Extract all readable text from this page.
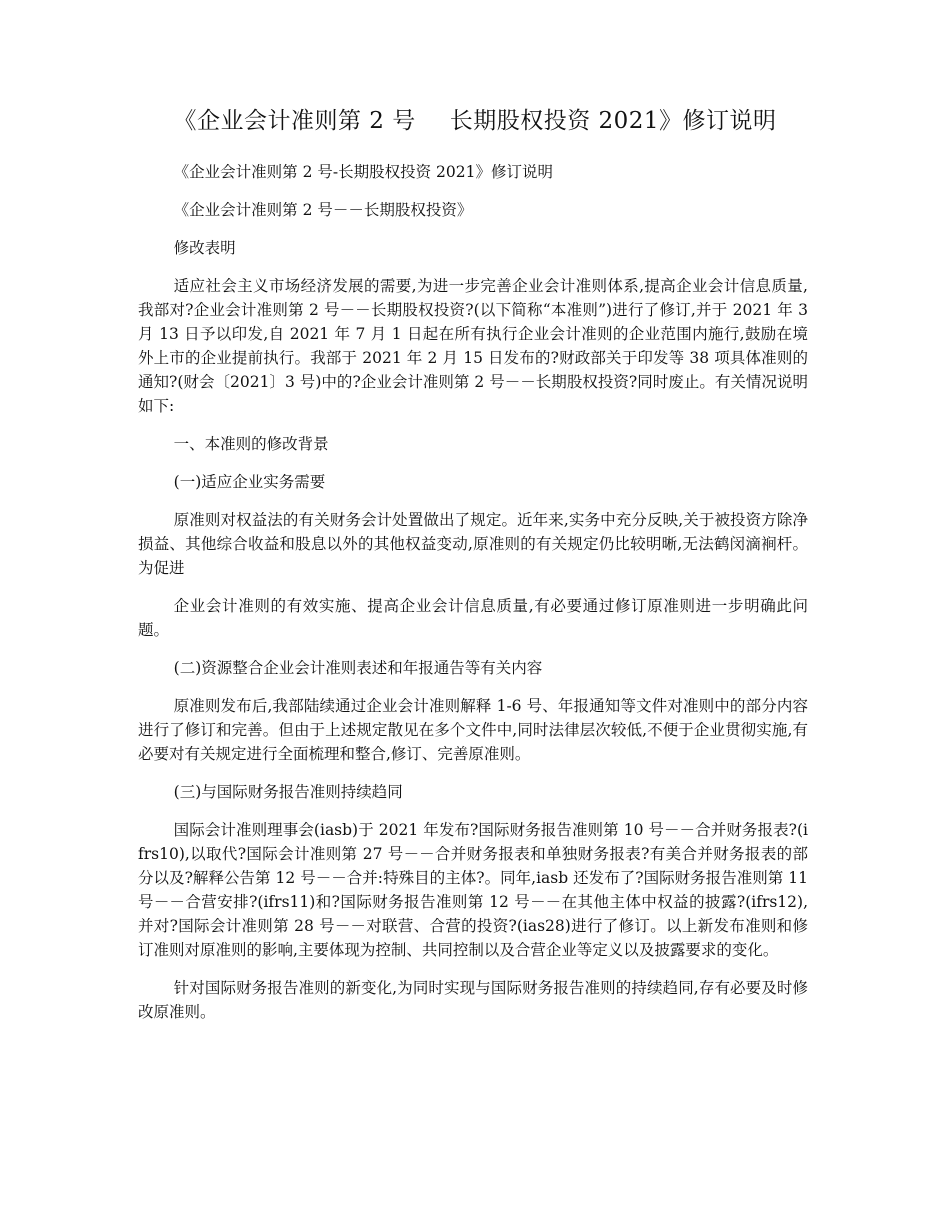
《企业会计准则第 2 号 长期股权投资 2021》修订说明

《企业会计准则第 2 号-长期股权投资 2021》修订说明

《企业会计准则第 2 号－－长期股权投资》

修改表明

适应社会主义市场经济发展的需要,为进一步完善企业会计准则体系,提高企业会计信息质量,我部对?企业会计准则第 2 号－－长期股权投资?(以下简称“本准则”)进行了修订,并于 2021 年 3 月 13 日予以印发,自 2021 年 7 月 1 日起在所有执行企业会计准则的企业范围内施行,鼓励在境外上市的企业提前执行。我部于 2021 年 2 月 15 日发布的?财政部关于印发等 38 项具体准则的通知?(财会〔2021〕3 号)中的?企业会计准则第 2 号－－长期股权投资?同时废止。有关情况说明如下:

一、本准则的修改背景

(一)适应企业实务需要

原准则对权益法的有关财务会计处置做出了规定。近年来,实务中充分反映,关于被投资方除净损益、其他综合收益和股息以外的其他权益变动,原准则的有关规定仍比较明晰,无法鹤闵滴裥杆。为促进

企业会计准则的有效实施、提高企业会计信息质量,有必要通过修订原准则进一步明确此问题。

(二)资源整合企业会计准则表述和年报通告等有关内容

原准则发布后,我部陆续通过企业会计准则解释 1-6 号、年报通知等文件对准则中的部分内容进行了修订和完善。但由于上述规定散见在多个文件中,同时法律层次较低,不便于企业贯彻实施,有必要对有关规定进行全面梳理和整合,修订、完善原准则。

(三)与国际财务报告准则持续趋同

国际会计准则理事会(iasb)于 2021 年发布?国际财务报告准则第 10 号－－合并财务报表?(ifrs10),以取代?国际会计准则第 27 号－－合并财务报表和单独财务报表?有美合并财务报表的部分以及?解释公告第 12 号－－合并:特殊目的主体?。同年,iasb 还发布了?国际财务报告准则第 11 号－－合营安排?(ifrs11)和?国际财务报告准则第 12 号－－在其他主体中权益的披露?(ifrs12),并对?国际会计准则第 28 号－－对联营、合营的投资?(ias28)进行了修订。以上新发布准则和修订准则对原准则的影响,主要体现为控制、共同控制以及合营企业等定义以及披露要求的变化。

针对国际财务报告准则的新变化,为同时实现与国际财务报告准则的持续趋同,存有必要及时修改原准则。
